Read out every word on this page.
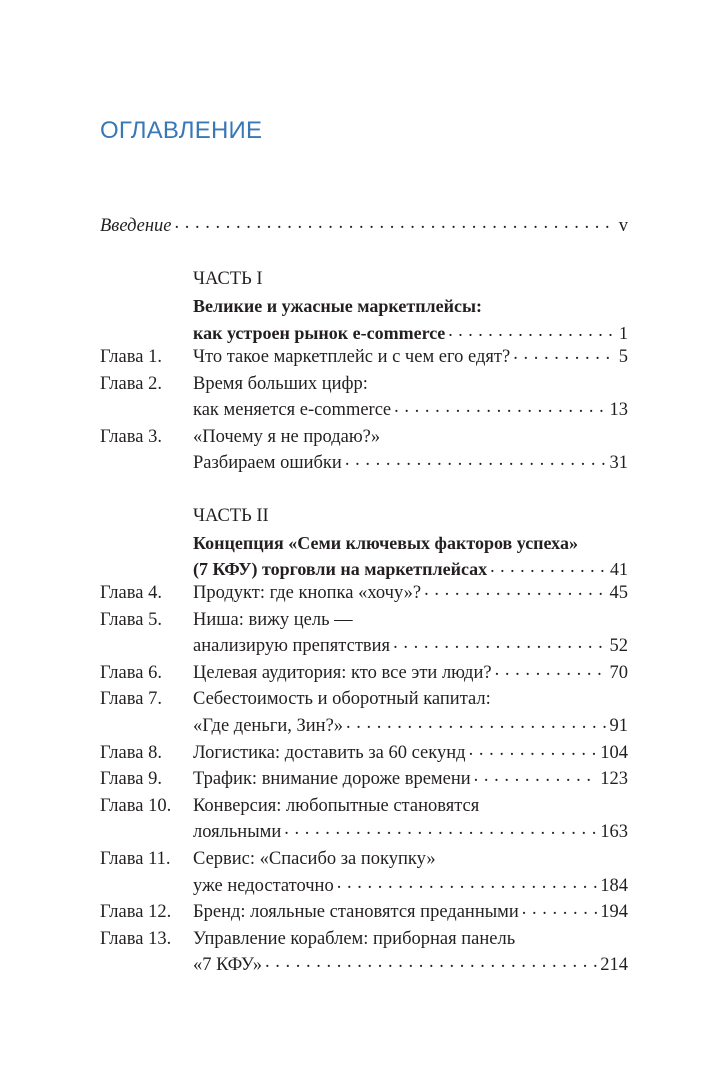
ОГЛАВЛЕНИЕ
Введение . . .	v
ЧАСТЬ I
Великие и ужасные маркетплейсы:
как устроен рынок e-commerce . . .	1
Глава 1.	Что такое маркетплейс и с чем его едят? . . .	5
Глава 2.	Время больших цифр:
как меняется e-commerce . . .	13
Глава 3.	«Почему я не продаю?»
Разбираем ошибки . . .	31
ЧАСТЬ II
Концепция «Семи ключевых факторов успеха»
(7 КФУ) торговли на маркетплейсах . . .	41
Глава 4.	Продукт: где кнопка «хочу»? . . .	45
Глава 5.	Ниша: вижу цель —
анализирую препятствия . . .	52
Глава 6.	Целевая аудитория: кто все эти люди? . . .	70
Глава 7.	Себестоимость и оборотный капитал:
«Где деньги, Зин?» . . .	91
Глава 8.	Логистика: доставить за 60 секунд . . .	104
Глава 9.	Трафик: внимание дороже времени . . .	123
Глава 10.	Конверсия: любопытные становятся
лояльными . . .	163
Глава 11.	Сервис: «Спасибо за покупку»
уже недостаточно . . .	184
Глава 12.	Бренд: лояльные становятся преданными . . .	194
Глава 13.	Управление кораблем: приборная панель
«7 КФУ» . . .	214
